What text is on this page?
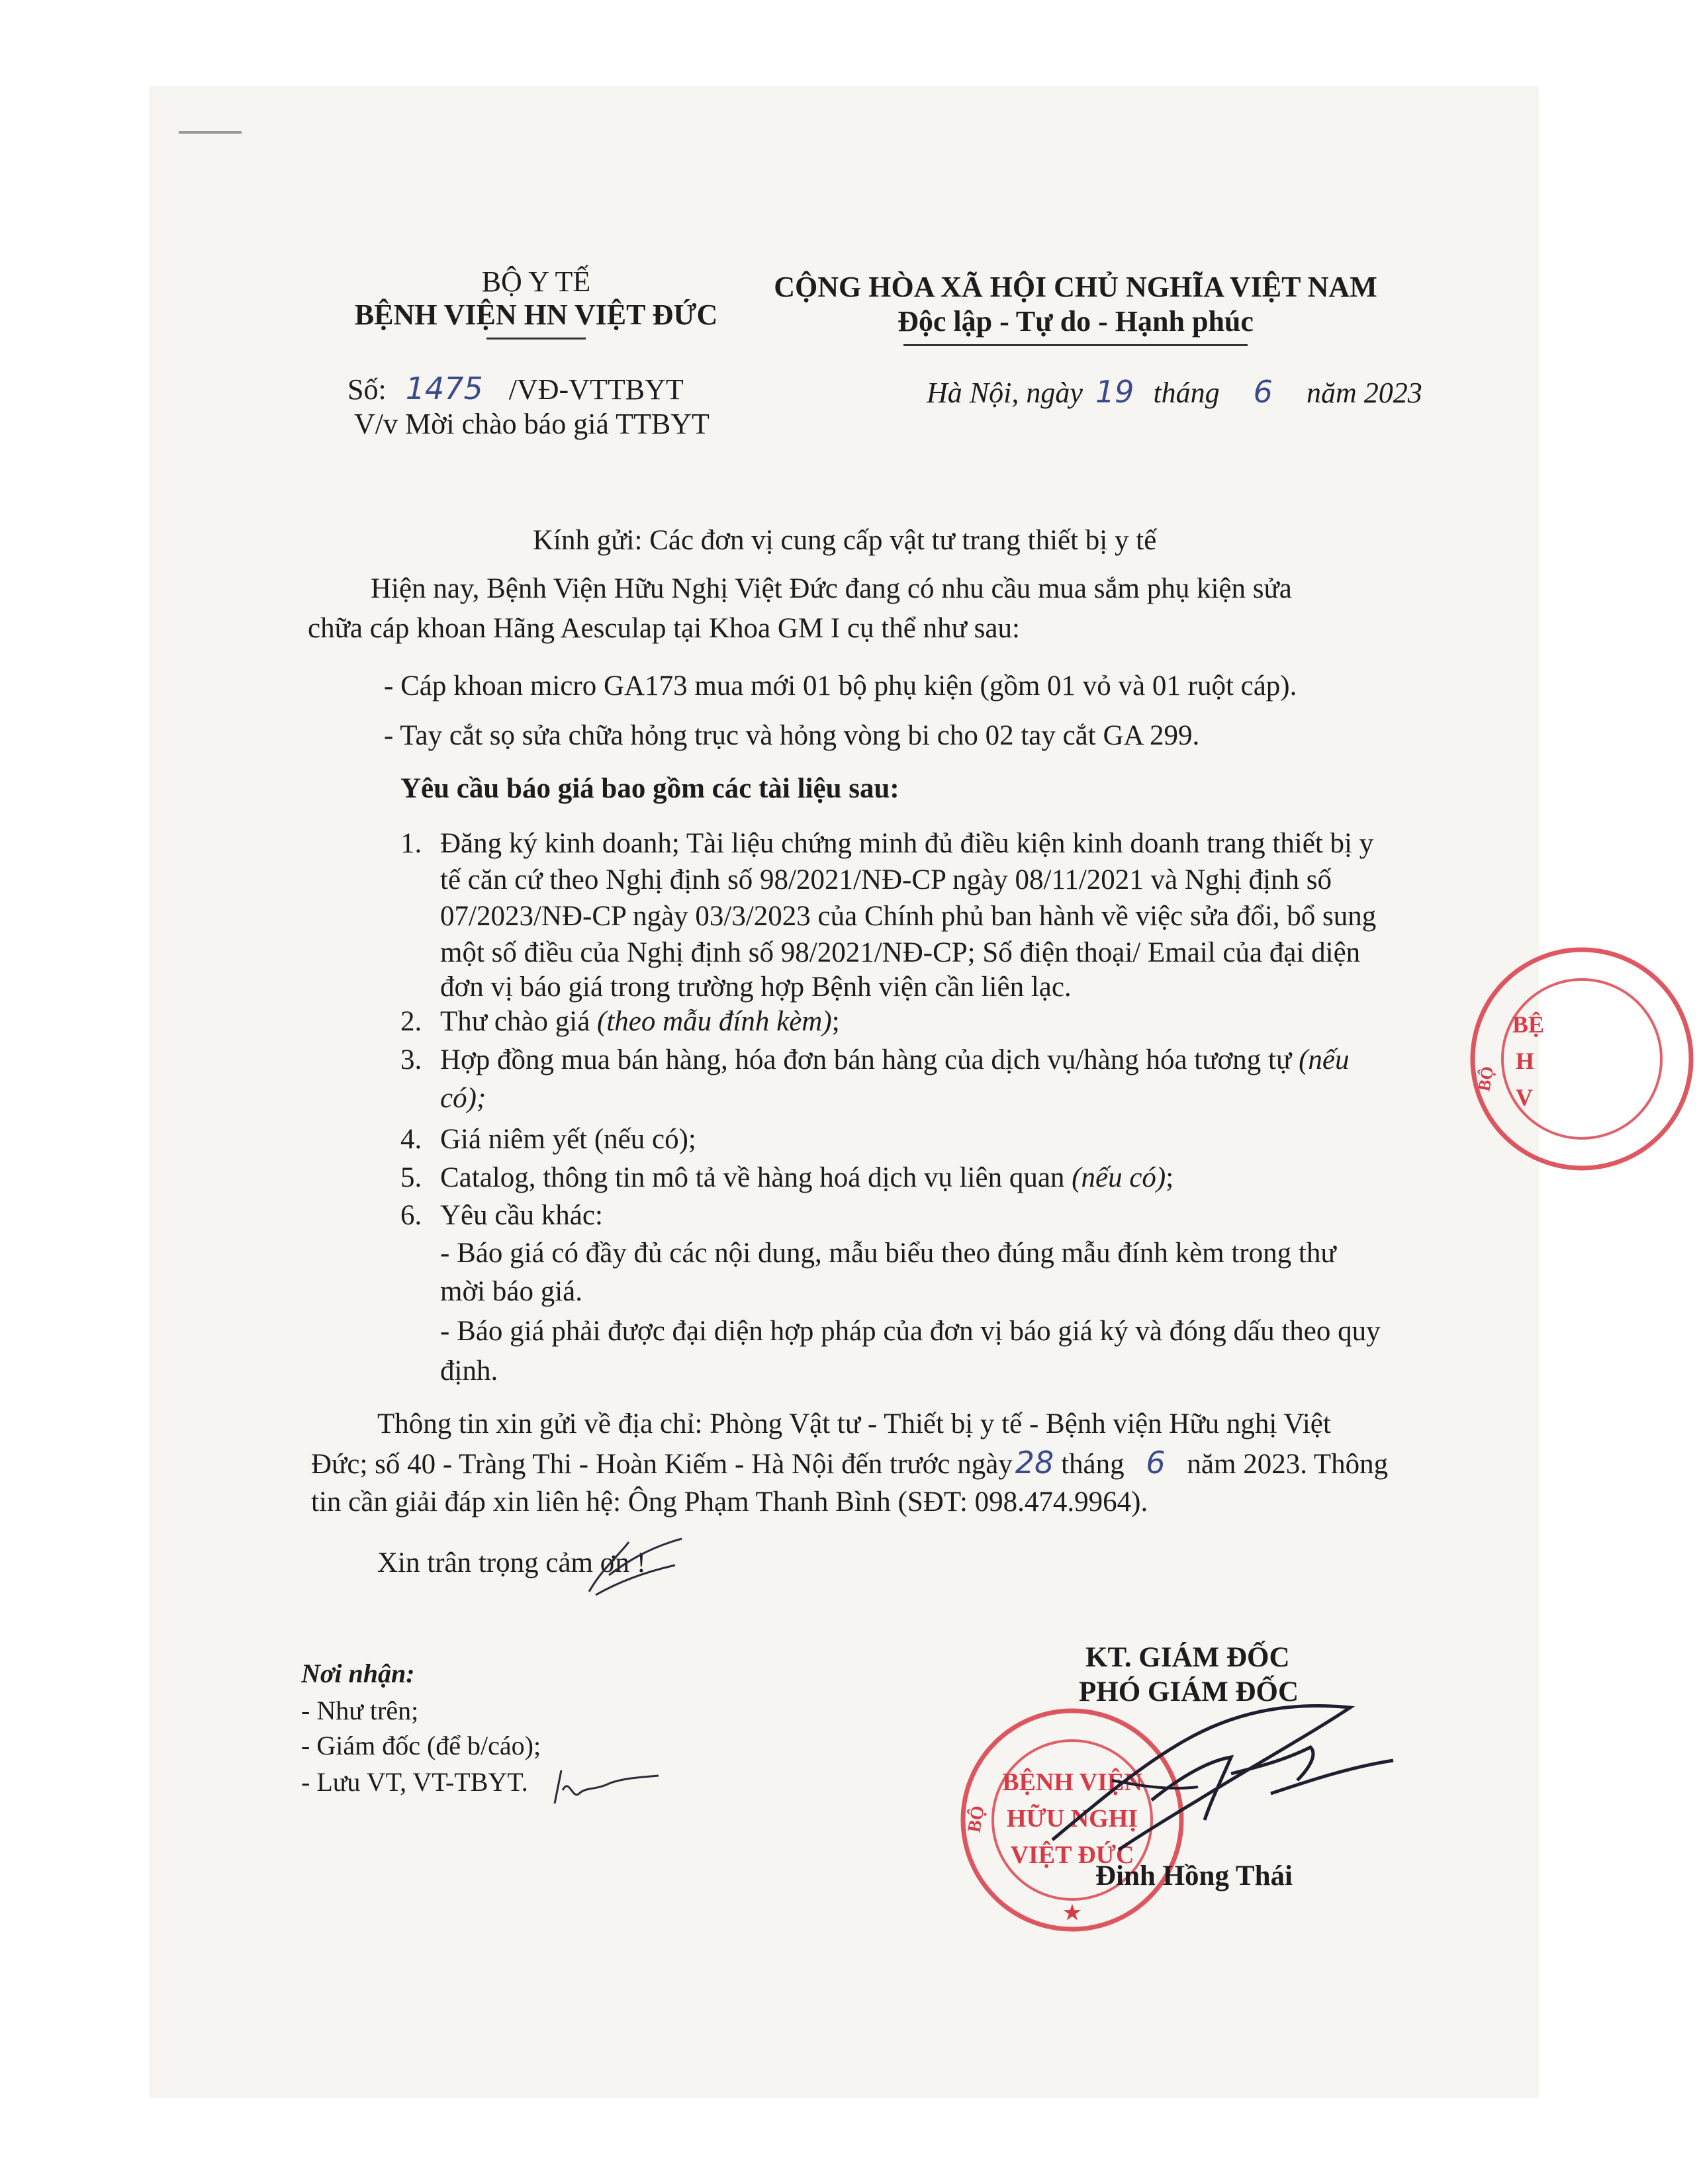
BỘ Y TẾ
BỆNH VIỆN HN VIỆT ĐỨC
CỘNG HÒA XÃ HỘI CHỦ NGHĨA VIỆT NAM
Độc lập - Tự do - Hạnh phúc
Số: 1475 /VĐ-VTTBYT
V/v Mời chào báo giá TTBYT
Hà Nội, ngày 19 tháng 6 năm 2023
Kính gửi: Các đơn vị cung cấp vật tư trang thiết bị y tế
Hiện nay, Bệnh Viện Hữu Nghị Việt Đức đang có nhu cầu mua sắm phụ kiện sửa
chữa cáp khoan Hãng Aesculap tại Khoa GM I cụ thể như sau:
- Cáp khoan micro GA173 mua mới 01 bộ phụ kiện (gồm 01 vỏ và 01 ruột cáp).
- Tay cắt sọ sửa chữa hỏng trục và hỏng vòng bi cho 02 tay cắt GA 299.
Yêu cầu báo giá bao gồm các tài liệu sau:
1. Đăng ký kinh doanh; Tài liệu chứng minh đủ điều kiện kinh doanh trang thiết bị y
tế căn cứ theo Nghị định số 98/2021/NĐ-CP ngày 08/11/2021 và Nghị định số
07/2023/NĐ-CP ngày 03/3/2023 của Chính phủ ban hành về việc sửa đổi, bổ sung
một số điều của Nghị định số 98/2021/NĐ-CP; Số điện thoại/ Email của đại diện
đơn vị báo giá trong trường hợp Bệnh viện cần liên lạc.
2. Thư chào giá (theo mẫu đính kèm);
3. Hợp đồng mua bán hàng, hóa đơn bán hàng của dịch vụ/hàng hóa tương tự (nếu
có);
4. Giá niêm yết (nếu có);
5. Catalog, thông tin mô tả về hàng hoá dịch vụ liên quan (nếu có);
6. Yêu cầu khác:
- Báo giá có đầy đủ các nội dung, mẫu biểu theo đúng mẫu đính kèm trong thư
mời báo giá.
- Báo giá phải được đại diện hợp pháp của đơn vị báo giá ký và đóng dấu theo quy
định.
Thông tin xin gửi về địa chỉ: Phòng Vật tư - Thiết bị y tế - Bệnh viện Hữu nghị Việt
Đức; số 40 - Tràng Thi - Hoàn Kiếm - Hà Nội đến trước ngày28 tháng 6 năm 2023. Thông
tin cần giải đáp xin liên hệ: Ông Phạm Thanh Bình (SĐT: 098.474.9964).
Xin trân trọng cảm ơn !
Nơi nhận:
- Như trên;
- Giám đốc (để b/cáo);
- Lưu VT, VT-TBYT.
KT. GIÁM ĐỐC
PHÓ GIÁM ĐỐC
BỆNH VIỆN
HỮU NGHỊ
VIỆT ĐỨC
BỘ
★
Đinh Hồng Thái
BỆ
H
V
BỘ
